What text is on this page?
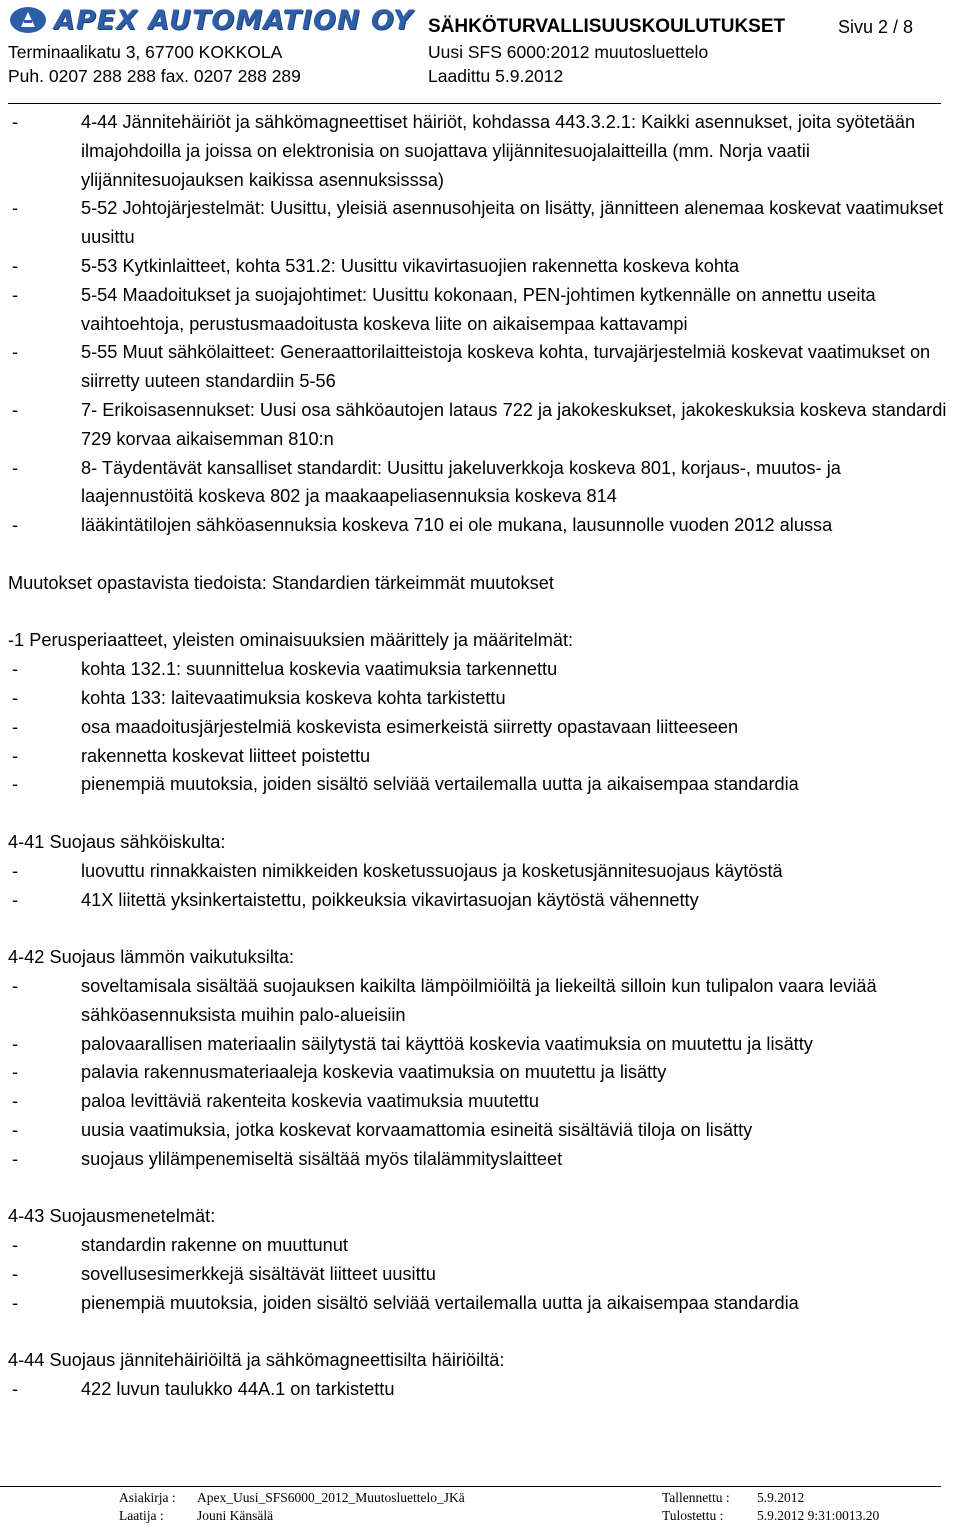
APEX AUTOMATION OY
Terminaalikatu 3, 67700 KOKKOLA
Puh. 0207 288 288 fax. 0207 288 289
SÄHKÖTURVALLISUUSKOULUTUKSET
Uusi SFS 6000:2012 muutosluettelo
Laadittu 5.9.2012
Sivu 2 / 8
- 4-44 Jännitehäiriöt ja sähkömagneettiset häiriöt, kohdassa 443.3.2.1: Kaikki asennukset, joita syötetään ilmajohdoilla ja joissa on elektronisia on suojattava ylijännitesuojalaitteilla (mm. Norja vaatii ylijännitesuojauksen kaikissa asennuksisssa)
- 5-52 Johtojärjestelmät: Uusittu, yleisiä asennusohjeita on lisätty, jännitteen alenemaa koskevat vaatimukset uusittu
- 5-53 Kytkinlaitteet, kohta 531.2: Uusittu vikavirtasuojien rakennetta koskeva kohta
- 5-54 Maadoitukset ja suojajohtimet: Uusittu kokonaan, PEN-johtimen kytkennälle on annettu useita vaihtoehtoja, perustusmaadoitusta koskeva liite on aikaisempaa kattavampi
- 5-55 Muut sähkölaitteet: Generaattorilaitteistoja koskeva kohta, turvajärjestelmiä koskevat vaatimukset on siirretty uuteen standardiin 5-56
- 7- Erikoisasennukset: Uusi osa sähköautojen lataus 722 ja jakokeskukset, jakokeskuksia koskeva standardi 729 korvaa aikaisemman 810:n
- 8- Täydentävät kansalliset standardit: Uusittu jakeluverkkoja koskeva 801, korjaus-, muutos- ja laajennustöitä koskeva 802 ja maakaapeliasennuksia koskeva 814
- lääkintätilojen sähköasennuksia koskeva 710 ei ole mukana, lausunnolle vuoden 2012 alussa

Muutokset opastavista tiedoista: Standardien tärkeimmät muutokset

-1 Perusperiaatteet, yleisten ominaisuuksien määrittely ja määritelmät:

- kohta 132.1: suunnittelua koskevia vaatimuksia tarkennettu
- kohta 133: laitevaatimuksia koskeva kohta tarkistettu
- osa maadoitusjärjestelmiä koskevista esimerkeistä siirretty opastavaan liitteeseen
- rakennetta koskevat liitteet poistettu
- pienempiä muutoksia, joiden sisältö selviää vertailemalla uutta ja aikaisempaa standardia

4-41 Suojaus sähköiskulta:

- luovuttu rinnakkaisten nimikkeiden kosketussuojaus ja kosketusjännitesuojaus käytöstä
- 41X liitettä yksinkertaistettu, poikkeuksia vikavirtasuojan käytöstä vähennetty

4-42 Suojaus lämmön vaikutuksilta:

- soveltamisala sisältää suojauksen kaikilta lämpöilmiöiltä ja liekeiltä silloin kun tulipalon vaara leviää sähköasennuksista muihin palo-alueisiin
- palovaarallisen materiaalin säilytystä tai käyttöä koskevia vaatimuksia on muutettu ja lisätty
- palavia rakennusmateriaaleja koskevia vaatimuksia on muutettu ja lisätty
- paloa levittäviä rakenteita koskevia vaatimuksia muutettu
- uusia vaatimuksia, jotka koskevat korvaamattomia esineitä sisältäviä tiloja on lisätty
- suojaus ylilämpenemiseltä sisältää myös tilalämmityslaitteet

4-43 Suojausmenetelmät:

- standardin rakenne on muuttunut
- sovellusesimerkkejä sisältävät liitteet uusittu
- pienempiä muutoksia, joiden sisältö selviää vertailemalla uutta ja aikaisempaa standardia

4-44 Suojaus jännitehäiriöiltä ja sähkömagneettisilta häiriöiltä:

- 422 luvun taulukko 44A.1 on tarkistettu
Asiakirja :
Laatija :
Apex_Uusi_SFS6000_2012_Muutosluettelo_JKä
Jouni Känsälä
Tallennettu :
Tulostettu :
5.9.2012
5.9.2012 9:31:0013.20
